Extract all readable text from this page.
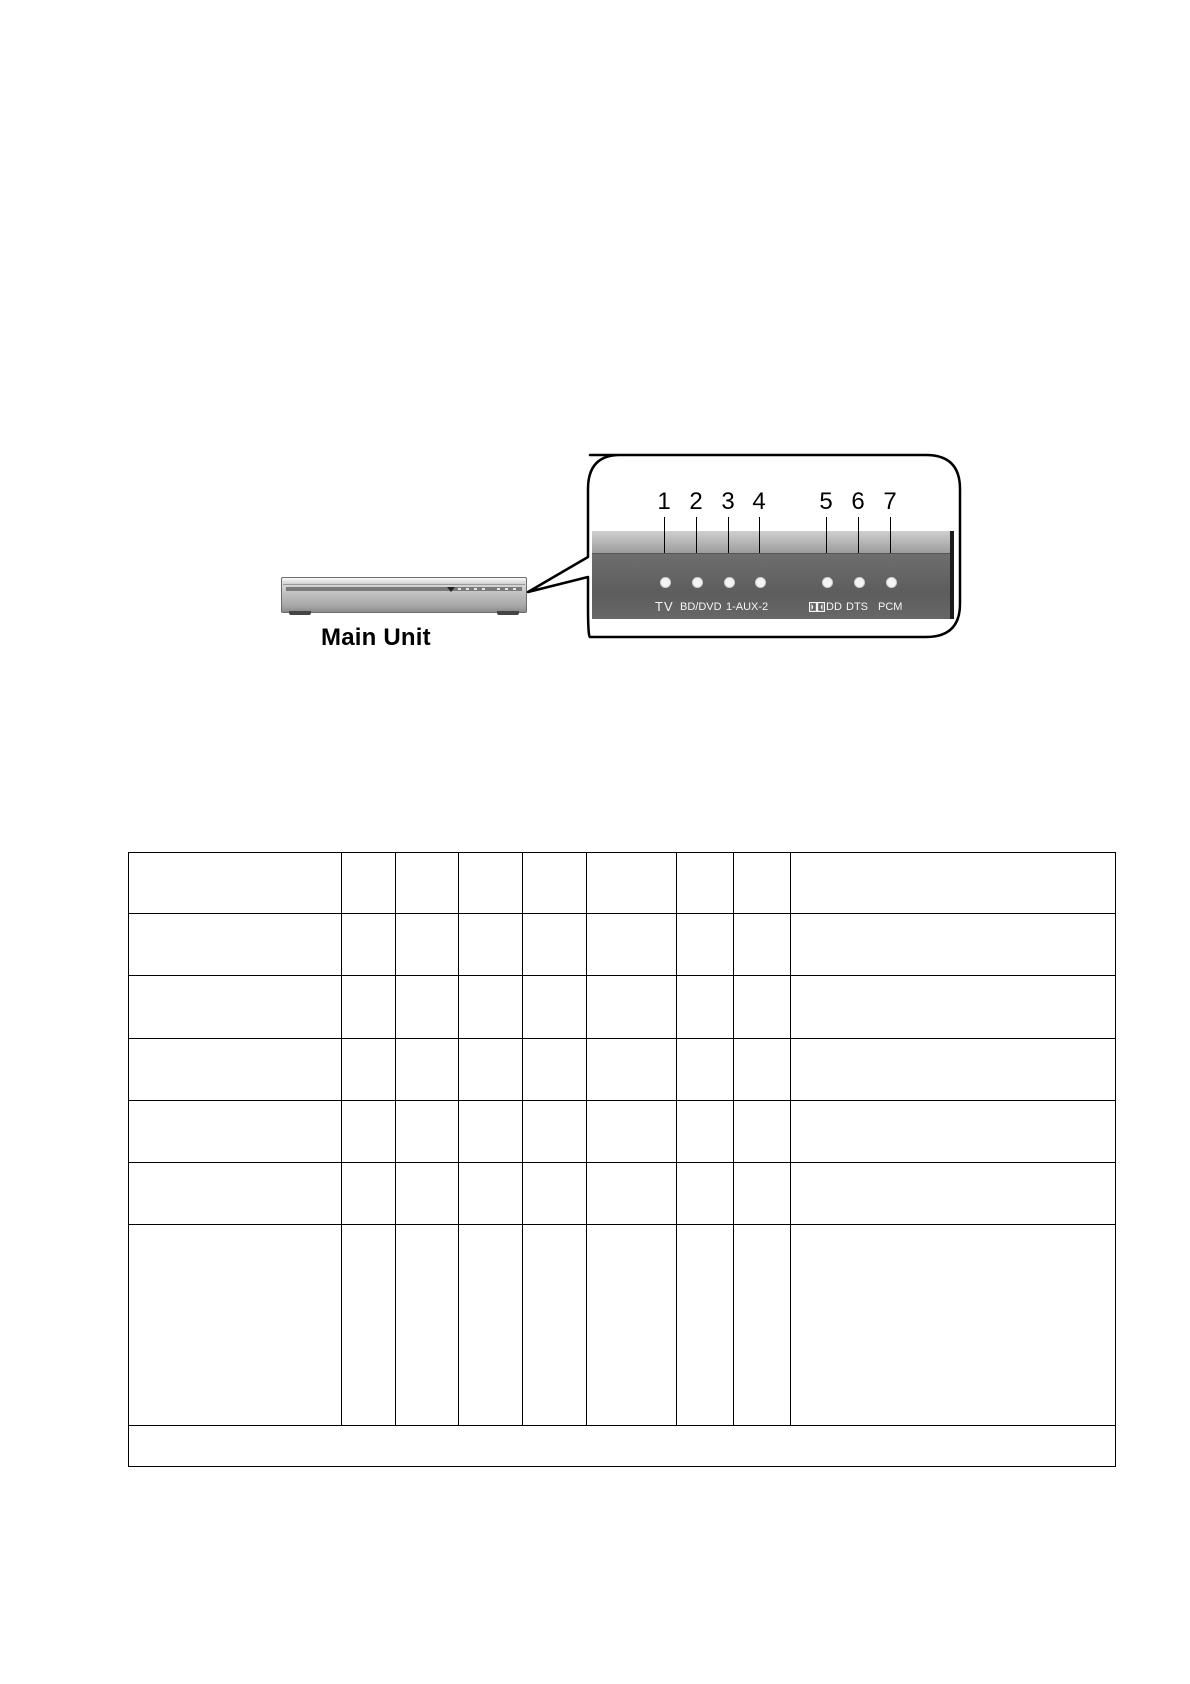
Main Unit
TV BD/DVD 1-AUX-2	DD DTS PCM
1 2 3 4 5 6 7
